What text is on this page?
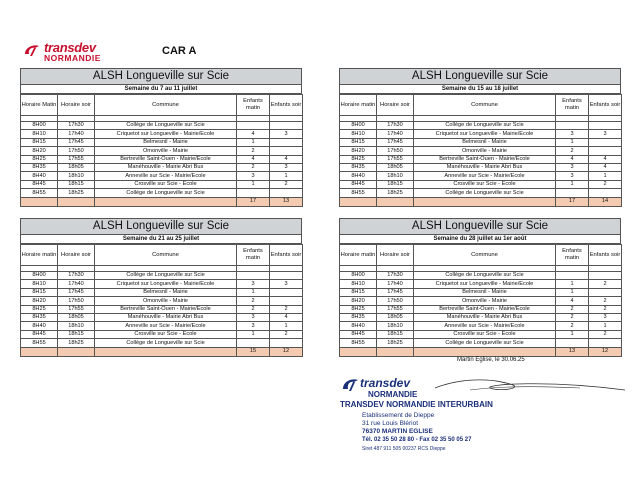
transdev
NORMANDIE
CAR A
ALSH Longueville sur Scie
Semaine du 7 au 11 juillet
Horaire Matin	Horaire soir	Commune	Enfants matin	Enfants soir

8H00	17h30	Collège de Longueville sur Scie		
8H10	17h40	Criquetot sur Longueville - Mairie/Ecole	4	3
8H15	17h45	Belmesnil - Mairie	1	
8H20	17h50	Omonville - Mairie	2	
8H25	17h55	Bertreville Saint-Ouen - Mairie/Ecole	4	4
8H35	18h05	Manéhouville - Mairie Abri Bus	2	3
8H40	18h10	Anneville sur Scie - Mairie/Ecole	3	1
8H45	18h15	Crosville sur Scie - Ecole	1	2
8H55	18h25	Collège de Longueville sur Scie		
			17	13
ALSH Longueville sur Scie
Semaine du 15 au 18 juillet
Horaire matin	Horaire soir	Commune	Enfants matin	Enfants soir

8H00	17h30	Collège de Longueville sur Scie		
8H10	17h40	Criquetot sur Longueville - Mairie/Ecole	3	3
8H15	17h45	Belmesnil - Mairie	1	
8H20	17h50	Omonville - Mairie	2	
8H25	17h55	Bertreville Saint-Ouen - Mairie/Ecole	4	4
8H35	18h05	Manéhouville - Mairie Abri Bus	3	4
8H40	18h10	Anneville sur Scie - Mairie/Ecole	3	1
8H45	18h15	Crosville sur Scie - Ecole	1	2
8H55	18h25	Collège de Longueville sur Scie		
			17	14
ALSH Longueville sur Scie
Semaine du 21 au 25 juillet
Horaire matin	Horaire soir	Commune	Enfants matin	Enfants soir

8H00	17h30	Collège de Longueville sur Scie		
8H10	17h40	Criquetot sur Longueville - Mairie/Ecole	3	3
8H15	17h45	Belmesnil - Mairie	1	
8H20	17h50	Omonville - Mairie	2	
8H25	17h55	Bertreville Saint-Ouen - Mairie/Ecole	2	2
8H35	18h05	Manéhouville - Mairie Abri Bus	3	4
8H40	18h10	Anneville sur Scie - Mairie/Ecole	3	1
8H45	18h15	Crosville sur Scie - Ecole	1	2
8H55	18h25	Collège de Longueville sur Scie		
			15	12
ALSH Longueville sur Scie
Semaine du 28 juillet au 1er août
Horaire matin	Horaire soir	Commune	Enfants matin	Enfants soir

8H00	17h30	Collège de Longueville sur Scie		
8H10	17h40	Criquetot sur Longueville - Mairie/Ecole	1	2
8H15	17h45	Belmesnil - Mairie	1	
8H20	17h50	Omonville - Mairie	4	2
8H25	17h55	Bertreville Saint-Ouen - Mairie/Ecole	2	2
8H35	18h05	Manéhouville - Mairie Abri Bus	2	3
8H40	18h10	Anneville sur Scie - Mairie/Ecole	2	1
8H45	18h15	Crosville sur Scie - Ecole	1	2
8H55	18h25	Collège de Longueville sur Scie		
			13	12
Martin Eglise, le 30.06.25
transdev
NORMANDIE
TRANSDEV NORMANDIE INTERURBAIN
Etablissement de Dieppe
31 rue Louis Blériot
76370 MARTIN EGLISE
Tél. 02 35 50 28 80 - Fax 02 35 50 05 27
Siret 487 911 505 00237 RCS Dieppe
